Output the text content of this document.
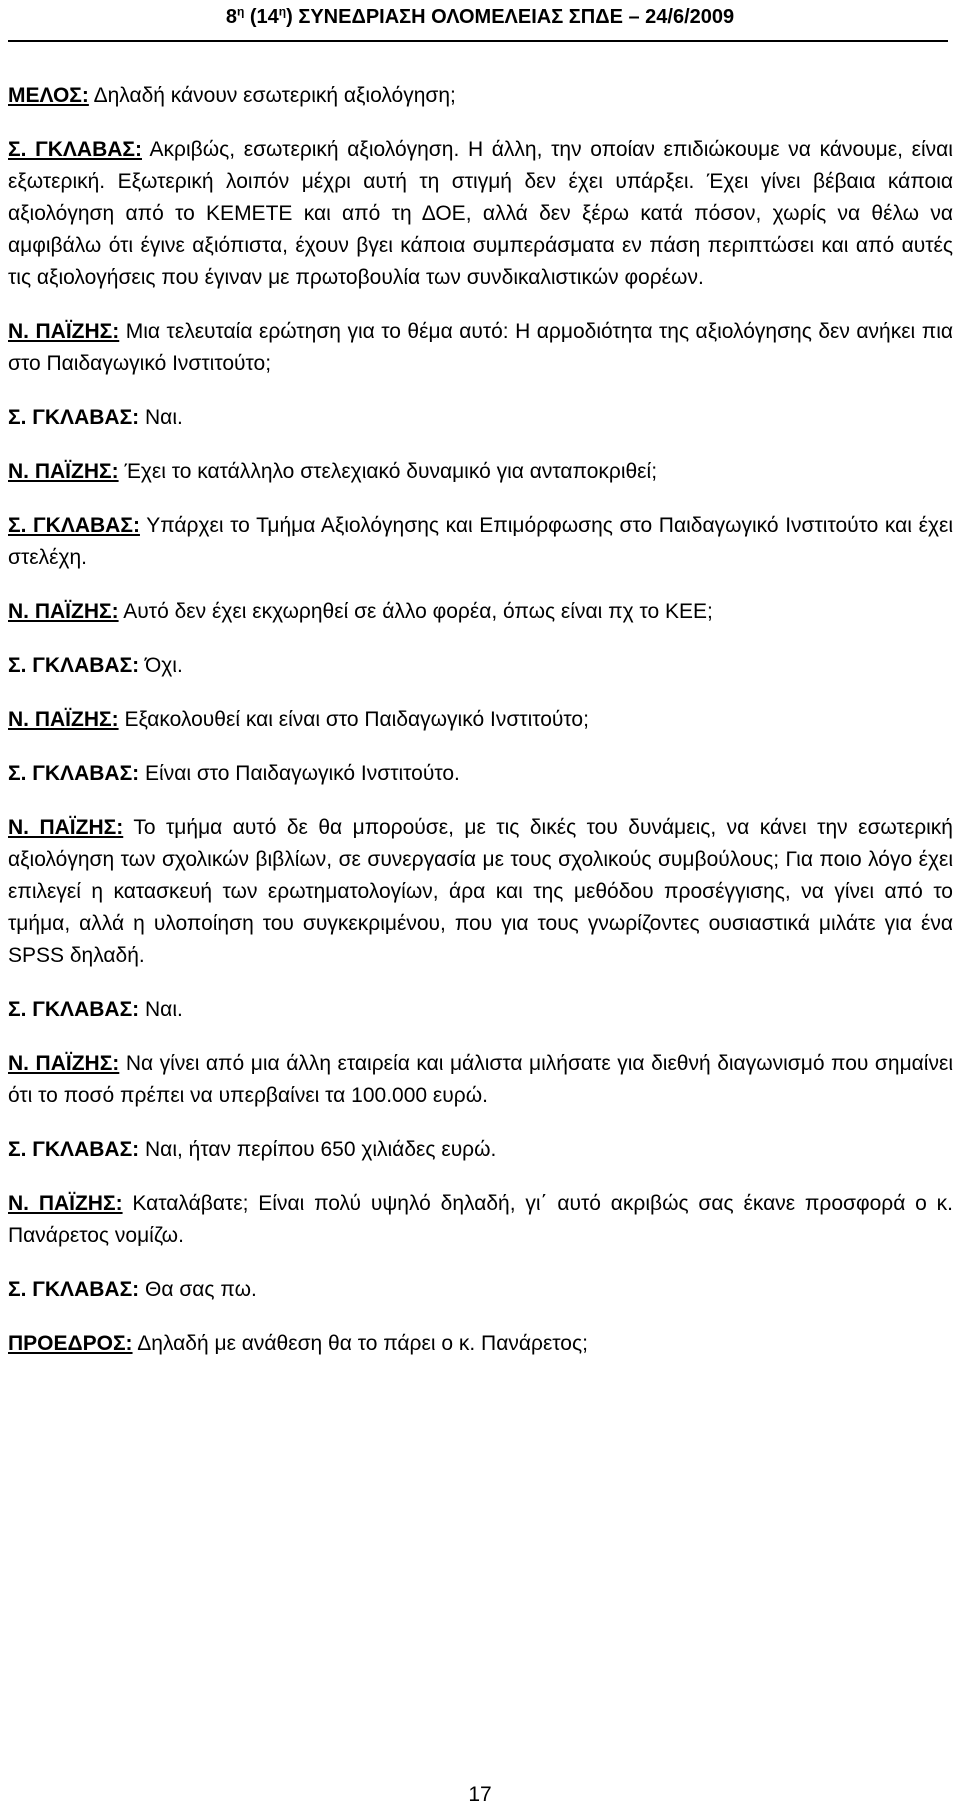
$8^\eta$ $(14^\eta)$ ΣΥΝΕΔΡΙΑΣΗ ΟΛΟΜΕΛΕΙΑΣ ΣΠΔΕ – 24/6/2009

ΜΕΛΟΣ: Δηλαδή κάνουν εσωτερική αξιολόγηση;

Σ. ΓΚΛΑΒΑΣ: Ακριβώς, εσωτερική αξιολόγηση. Η άλλη, την οποίαν επιδιώκουμε να κάνουμε, είναι εξωτερική. Εξωτερική λοιπόν μέχρι αυτή τη στιγμή δεν έχει υπάρξει. Έχει γίνει βέβαια κάποια αξιολόγηση από το ΚΕΜΕΤΕ και από τη ΔΟΕ, αλλά δεν ξέρω κατά πόσον, χωρίς να θέλω να αμφιβάλω ότι έγινε αξιόπιστα, έχουν βγει κάποια συμπεράσματα εν πάση περιπτώσει και από αυτές τις αξιολογήσεις που έγιναν με πρωτοβουλία των συνδικαλιστικών φορέων.

Ν. ΠΑΪΖΗΣ: Μια τελευταία ερώτηση για το θέμα αυτό: Η αρμοδιότητα της αξιολόγησης δεν ανήκει πια στο Παιδαγωγικό Ινστιτούτο;

Σ. ΓΚΛΑΒΑΣ: Ναι.

Ν. ΠΑΪΖΗΣ: Έχει το κατάλληλο στελεχιακό δυναμικό για ανταποκριθεί;

Σ. ΓΚΛΑΒΑΣ: Υπάρχει το Τμήμα Αξιολόγησης και Επιμόρφωσης στο Παιδαγωγικό Ινστιτούτο και έχει στελέχη.

Ν. ΠΑΪΖΗΣ: Αυτό δεν έχει εκχωρηθεί σε άλλο φορέα, όπως είναι πχ το ΚΕΕ;

Σ. ΓΚΛΑΒΑΣ: Όχι.

Ν. ΠΑΪΖΗΣ: Εξακολουθεί και είναι στο Παιδαγωγικό Ινστιτούτο;

Σ. ΓΚΛΑΒΑΣ: Είναι στο Παιδαγωγικό Ινστιτούτο.

Ν. ΠΑΪΖΗΣ: Το τμήμα αυτό δε θα μπορούσε, με τις δικές του δυνάμεις, να κάνει την εσωτερική αξιολόγηση των σχολικών βιβλίων, σε συνεργασία με τους σχολικούς συμβούλους; Για ποιο λόγο έχει επιλεγεί η κατασκευή των ερωτηματολογίων, άρα και της μεθόδου προσέγγισης, να γίνει από το τμήμα, αλλά η υλοποίηση του συγκεκριμένου, που για τους γνωρίζοντες ουσιαστικά μιλάτε για ένα SPSS δηλαδή.

Σ. ΓΚΛΑΒΑΣ: Ναι.

Ν. ΠΑΪΖΗΣ: Να γίνει από μια άλλη εταιρεία και μάλιστα μιλήσατε για διεθνή διαγωνισμό που σημαίνει ότι το ποσό πρέπει να υπερβαίνει τα 100.000 ευρώ.

Σ. ΓΚΛΑΒΑΣ: Ναι, ήταν περίπου 650 χιλιάδες ευρώ.

Ν. ΠΑΪΖΗΣ: Καταλάβατε; Είναι πολύ υψηλό δηλαδή, γι΄ αυτό ακριβώς σας έκανε προσφορά ο κ. Πανάρετος νομίζω.

Σ. ΓΚΛΑΒΑΣ: Θα σας πω.

ΠΡΟΕΔΡΟΣ: Δηλαδή με ανάθεση θα το πάρει ο κ. Πανάρετος;

17
